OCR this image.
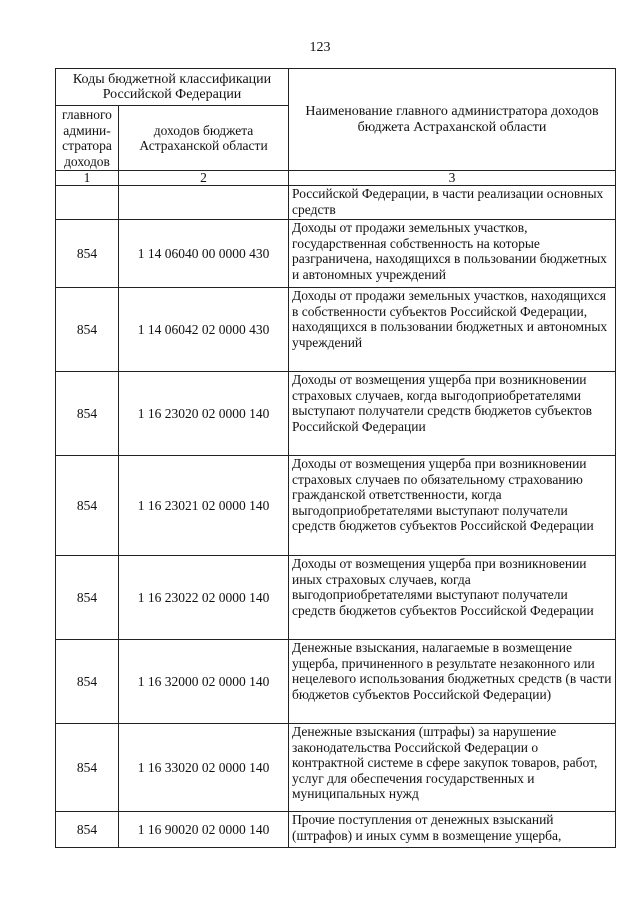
123
Коды бюджетной классификации Российской Федерации		Наименование главного администратора доходов бюджета Астраханской области
главного админи-стратора доходов	доходов бюджета Астраханской области	
1	2	3
		Российской Федерации, в части реализации основных средств
854	1 14 06040 00 0000 430	Доходы от продажи земельных участков, государственная собственность на которые разграничена, находящихся в пользовании бюджетных и автономных учреждений
854	1 14 06042 02 0000 430	Доходы от продажи земельных участков, находящихся в собственности субъектов Российской Федерации, находящихся в пользовании бюджетных и автономных учреждений
854	1 16 23020 02 0000 140	Доходы от возмещения ущерба при возникновении страховых случаев, когда выгодоприобретателями выступают получатели средств бюджетов субъектов Российской Федерации
854	1 16 23021 02 0000 140	Доходы от возмещения ущерба при возникновении страховых случаев по обязательному страхованию гражданской ответственности, когда выгодоприобретателями выступают получатели средств бюджетов субъектов Российской Федерации
854	1 16 23022 02 0000 140	Доходы от возмещения ущерба при возникновении иных страховых случаев, когда выгодоприобретателями выступают получатели средств бюджетов субъектов Российской Федерации
854	1 16 32000 02 0000 140	Денежные взыскания, налагаемые в возмещение ущерба, причиненного в результате незаконного или нецелевого использования бюджетных средств (в части бюджетов субъектов Российской Федерации)
854	1 16 33020 02 0000 140	Денежные взыскания (штрафы) за нарушение законодательства Российской Федерации о контрактной системе в сфере закупок товаров, работ, услуг для обеспечения государственных и муниципальных нужд
854	1 16 90020 02 0000 140	Прочие поступления от денежных взысканий (штрафов) и иных сумм в возмещение ущерба,
